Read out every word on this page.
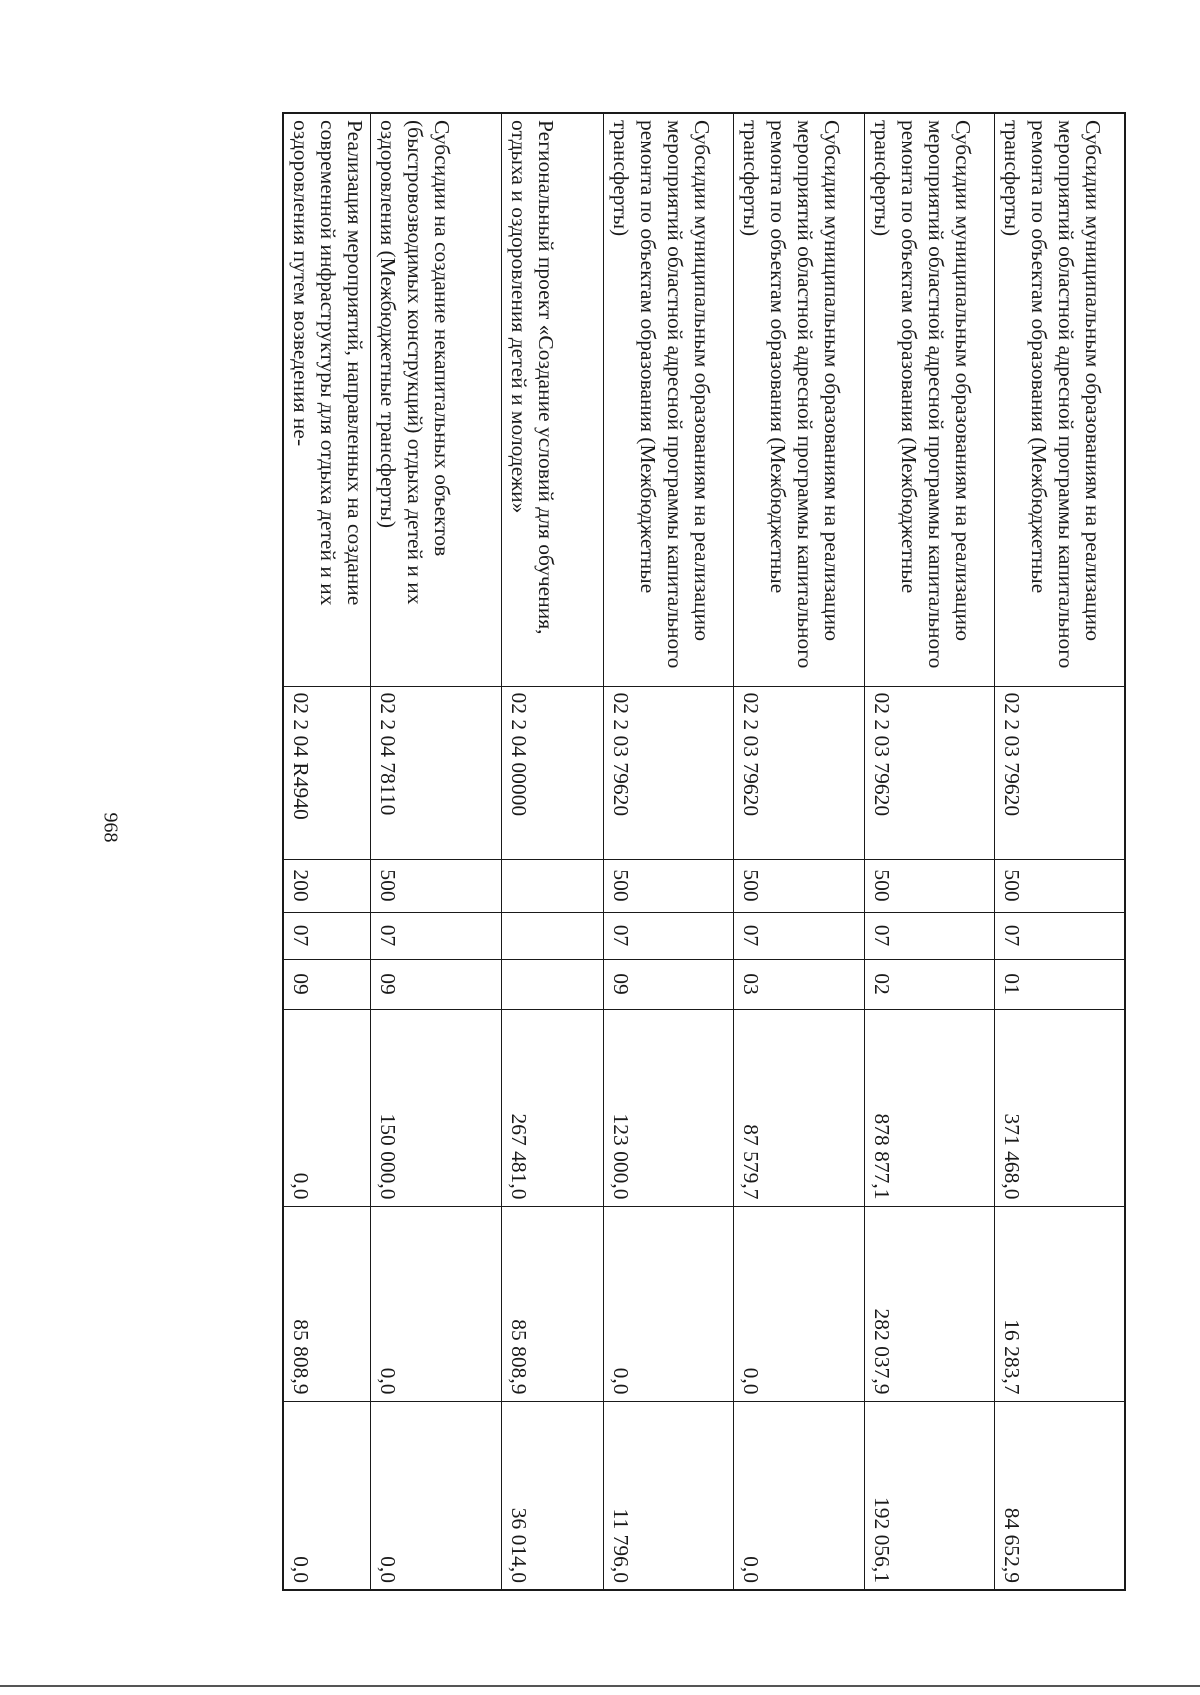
968
Субсидии муниципальным образованиям на реализацию мероприятий областной адресной программы капитального ремонта по объектам образования (Межбюджетные трансферты)	02 2 03 79620	500	07	01	371 468,0	16 283,7	84 652,9
Субсидии муниципальным образованиям на реализацию мероприятий областной адресной программы капитального ремонта по объектам образования (Межбюджетные трансферты)	02 2 03 79620	500	07	02	878 877,1	282 037,9	192 056,1
Субсидии муниципальным образованиям на реализацию мероприятий областной адресной программы капитального ремонта по объектам образования (Межбюджетные трансферты)	02 2 03 79620	500	07	03	87 579,7	0,0	0,0
Субсидии муниципальным образованиям на реализацию мероприятий областной адресной программы капитального ремонта по объектам образования (Межбюджетные трансферты)	02 2 03 79620	500	07	09	123 000,0	0,0	11 796,0
Региональный проект «Создание условий для обучения, отдыха и оздоровления детей и молодежи»	02 2 04 00000				267 481,0	85 808,9	36 014,0
Субсидии на создание некапитальных объектов (быстровозводимых конструкций) отдыха детей и их оздоровления (Межбюджетные трансферты)	02 2 04 78110	500	07	09	150 000,0	0,0	0,0
Реализация мероприятий, направленных на создание современной инфраструктуры для отдыха детей и их оздоровления путем возведения не-	02 2 04 R4940	200	07	09	0,0	85 808,9	0,0
